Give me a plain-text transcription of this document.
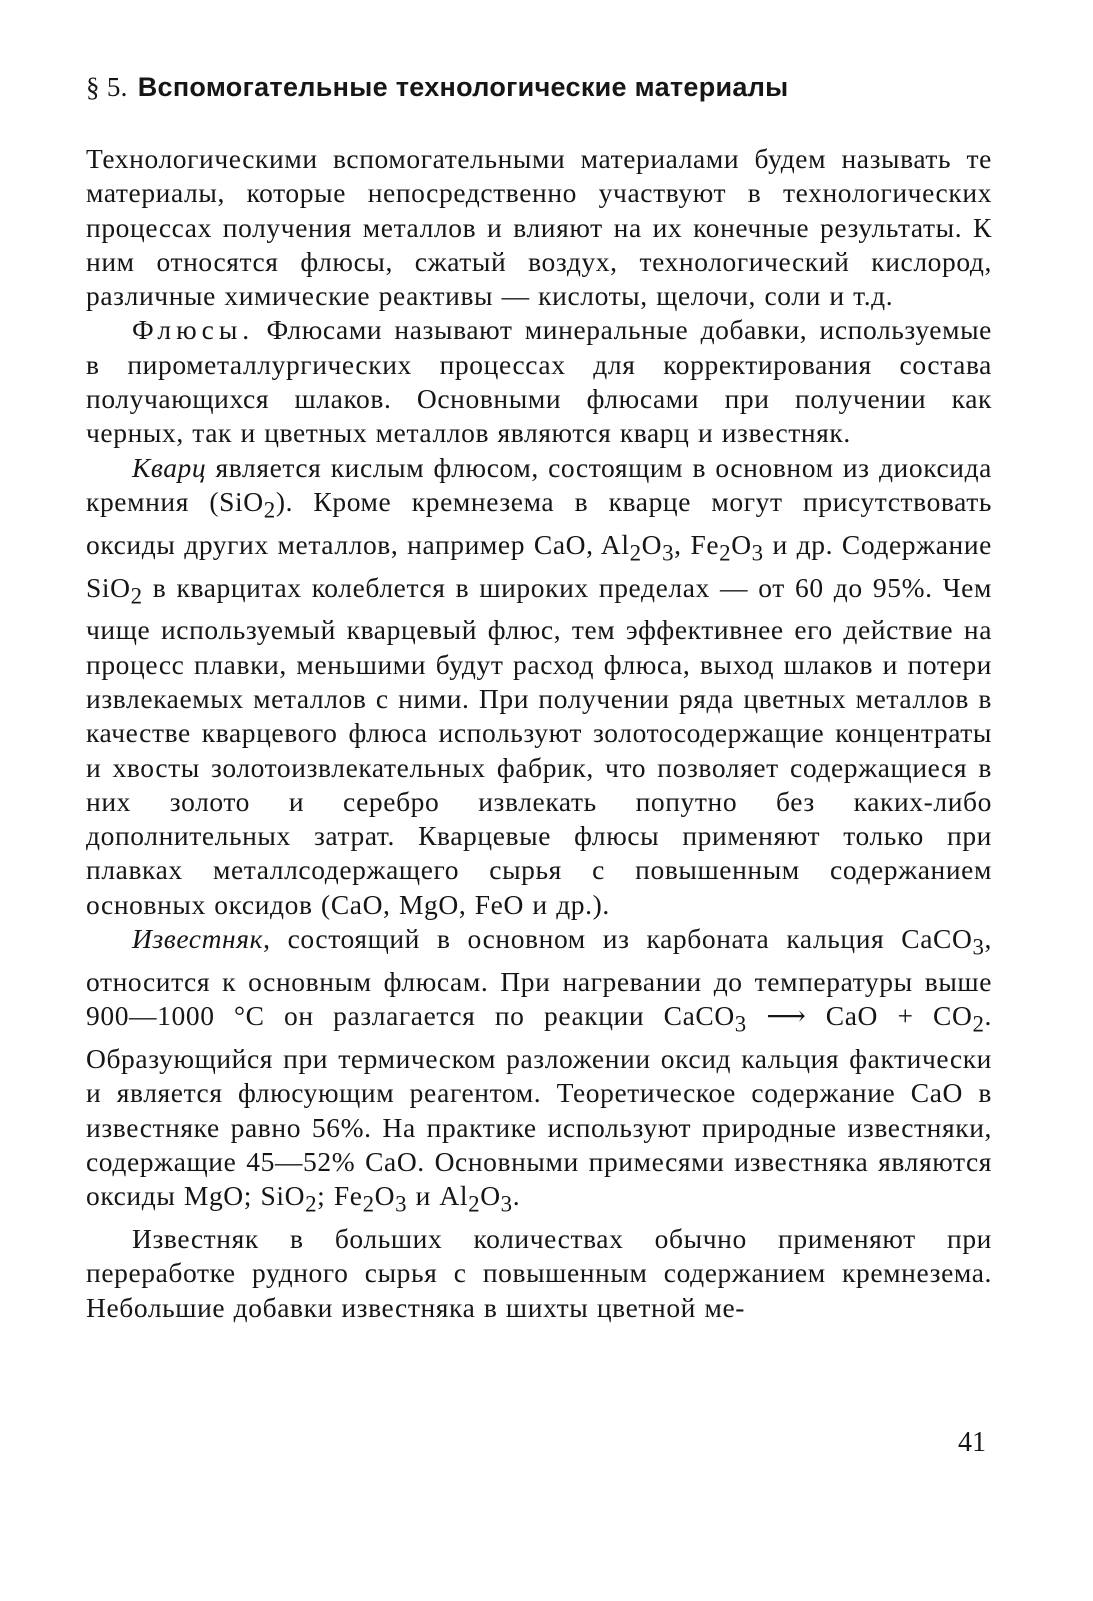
§ 5. Вспомогательные технологические материалы

Технологическими вспомогательными материалами будем называть те материалы, которые непосредственно участвуют в технологических процессах получения металлов и влияют на их конечные результаты. К ним относятся флюсы, сжатый воздух, технологический кислород, различные химические реактивы — кислоты, щелочи, соли и т.д.

Флюсы. Флюсами называют минеральные добавки, используемые в пирометаллургических процессах для корректирования состава получающихся шлаков. Основными флюсами при получении как черных, так и цветных металлов являются кварц и известняк.

Кварц является кислым флюсом, состоящим в основном из диоксида кремния (SiO$_2$). Кроме кремнезема в кварце могут присутствовать оксиды других металлов, например CaO, $Al_2O_3$, $Fe_2O_3$ и др. Содержание SiO$_2$ в кварцитах колеблется в широких пределах — от 60 до 95%. Чем чище используемый кварцевый флюс, тем эффективнее его действие на процесс плавки, меньшими будут расход флюса, выход шлаков и потери извлекаемых металлов с ними. При получении ряда цветных металлов в качестве кварцевого флюса используют золотосодержащие концентраты и хвосты золотоизвлекательных фабрик, что позволяет содержащиеся в них золото и серебро извлекать попутно без каких-либо дополнительных затрат. Кварцевые флюсы применяют только при плавках металлсодержащего сырья с повышенным содержанием основных оксидов (CaO, MgO, FeO и др.).

Известняк, состоящий в основном из карбоната кальция CaCO$_3$, относится к основным флюсам. При нагревании до температуры выше 900—1000 °С он разлагается по реакции CaCO$_3$ ⟶ CaO + $CO_2$. Образующийся при термическом разложении оксид кальция фактически и является флюсующим реагентом. Теоретическое содержание CaO в известняке равно 56%. На практике используют природные известняки, содержащие 45—52% CaO. Основными примесями известняка являются оксиды MgO; SiO$_2$; $Fe_2O_3$ и $Al_2O_3$.

Известняк в больших количествах обычно применяют при переработке рудного сырья с повышенным содержанием кремнезема. Небольшие добавки известняка в шихты цветной ме-

41
